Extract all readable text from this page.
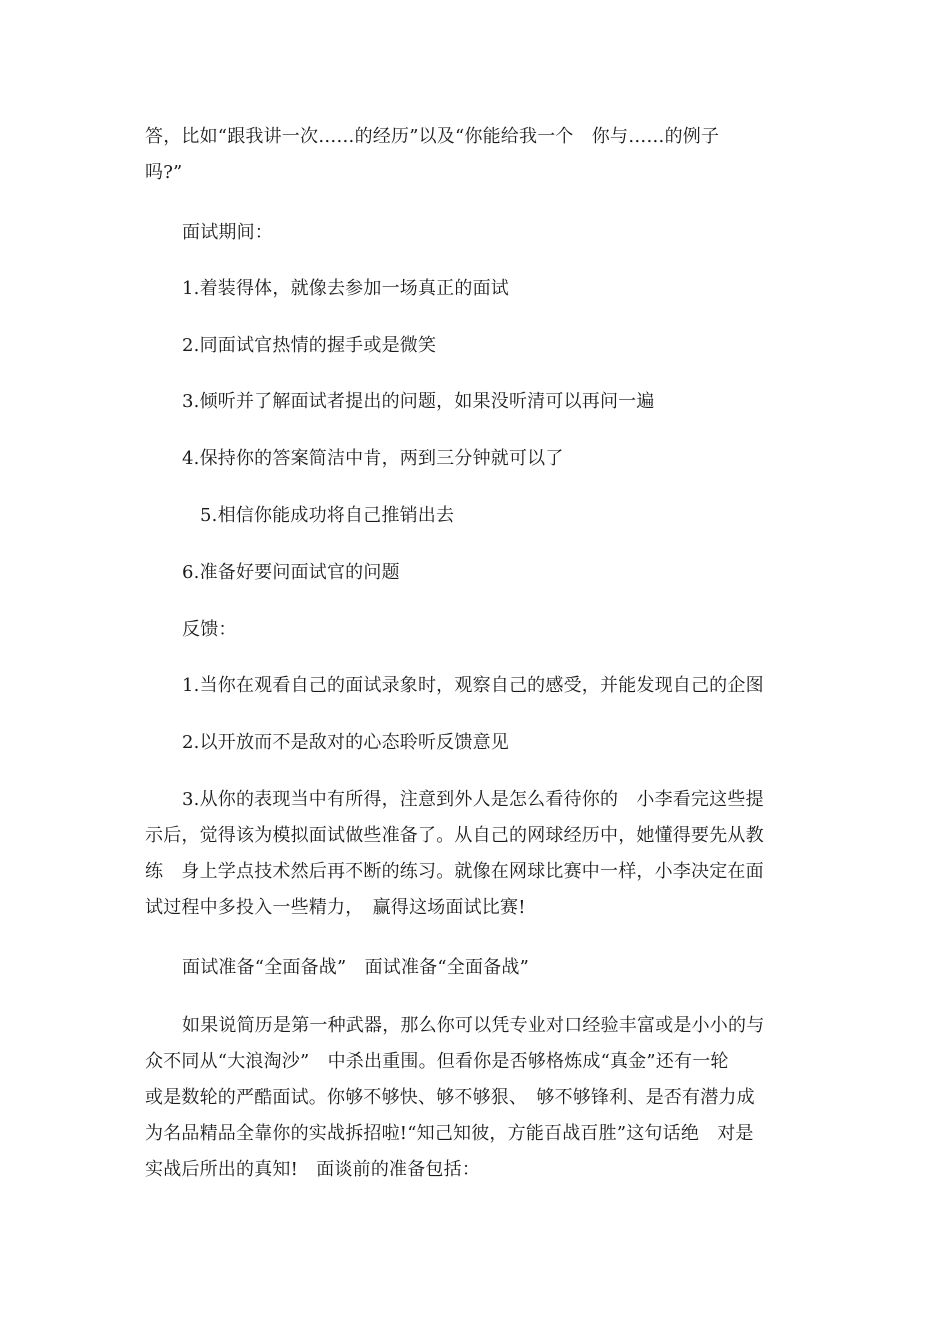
答，比如“跟我讲一次……的经历”以及“你能给我一个　你与……的例子
吗?”
面试期间：
1.着装得体，就像去参加一场真正的面试
2.同面试官热情的握手或是微笑
3.倾听并了解面试者提出的问题，如果没听清可以再问一遍
4.保持你的答案简洁中肯，两到三分钟就可以了
5.相信你能成功将自己推销出去
6.准备好要问面试官的问题
反馈：
1.当你在观看自己的面试录象时，观察自己的感受，并能发现自己的企图
2.以开放而不是敌对的心态聆听反馈意见
3.从你的表现当中有所得，注意到外人是怎么看待你的　小李看完这些提
示后，觉得该为模拟面试做些准备了。从自己的网球经历中，她懂得要先从教
练　身上学点技术然后再不断的练习。就像在网球比赛中一样，小李决定在面
试过程中多投入一些精力，　赢得这场面试比赛!
面试准备“全面备战”　面试准备“全面备战”
如果说简历是第一种武器，那么你可以凭专业对口经验丰富或是小小的与
众不同从“大浪淘沙”　中杀出重围。但看你是否够格炼成“真金”还有一轮
或是数轮的严酷面试。你够不够快、够不够狠、　够不够锋利、是否有潜力成
为名品精品全靠你的实战拆招啦!“知己知彼，方能百战百胜”这句话绝　对是
实战后所出的真知!　面谈前的准备包括：
